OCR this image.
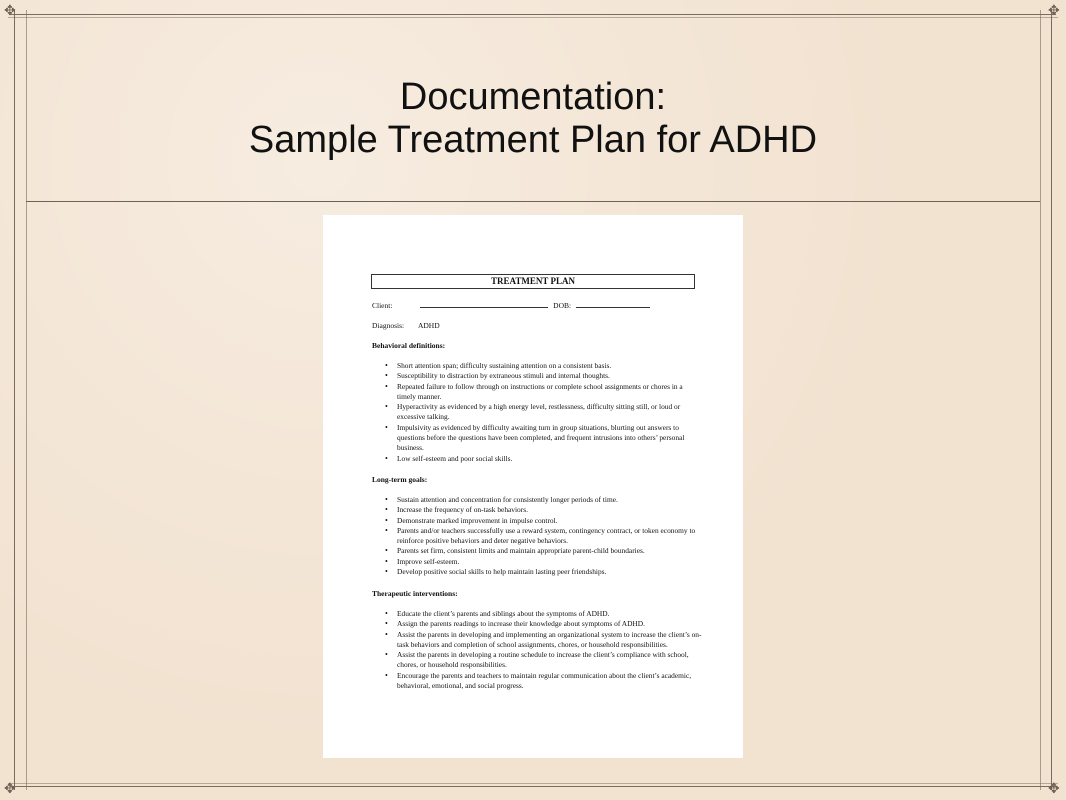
✥	✥
✥	✥
Documentation:
Sample Treatment Plan for ADHD
TREATMENT PLAN
Client:	DOB:
Diagnosis: ADHD
Behavioral definitions:
• Short attention span; difficulty sustaining attention on a consistent basis.
• Susceptibility to distraction by extraneous stimuli and internal thoughts.
• Repeated failure to follow through on instructions or complete school assignments or chores in a timely manner.
• Hyperactivity as evidenced by a high energy level, restlessness, difficulty sitting still, or loud or excessive talking.
• Impulsivity as evidenced by difficulty awaiting turn in group situations, blurting out answers to questions before the questions have been completed, and frequent intrusions into others’ personal business.
• Low self-esteem and poor social skills.
Long-term goals:
• Sustain attention and concentration for consistently longer periods of time.
• Increase the frequency of on-task behaviors.
• Demonstrate marked improvement in impulse control.
• Parents and/or teachers successfully use a reward system, contingency contract, or token economy to reinforce positive behaviors and deter negative behaviors.
• Parents set firm, consistent limits and maintain appropriate parent-child boundaries.
• Improve self-esteem.
• Develop positive social skills to help maintain lasting peer friendships.
Therapeutic interventions:
• Educate the client’s parents and siblings about the symptoms of ADHD.
• Assign the parents readings to increase their knowledge about symptoms of ADHD.
• Assist the parents in developing and implementing an organizational system to increase the client’s on-task behaviors and completion of school assignments, chores, or household responsibilities.
• Assist the parents in developing a routine schedule to increase the client’s compliance with school, chores, or household responsibilities.
• Encourage the parents and teachers to maintain regular communication about the client’s academic, behavioral, emotional, and social progress.
